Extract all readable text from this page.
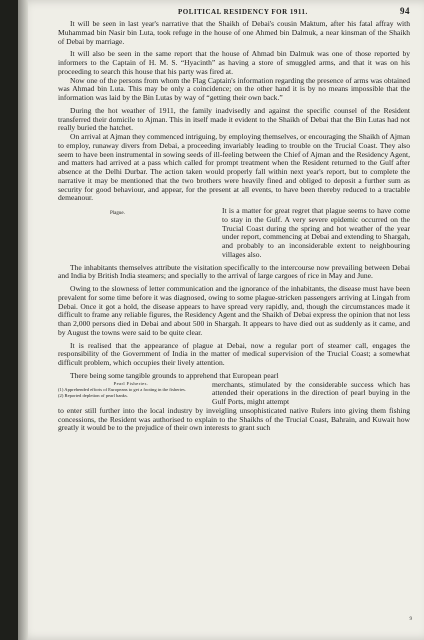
POLITICAL RESIDENCY FOR 1911.	94

It will be seen in last year's narrative that the Shaikh of Debai's cousin Maktum, after his fatal affray with Muhammad bin Nasir bin Luta, took refuge in the house of one Ahmed bin Dalmuk, a near kinsman of the Shaikh of Debai by marriage.

It will also be seen in the same report that the house of Ahmad bin Dalmuk was one of those reported by informers to the Captain of H. M. S. “Hyacinth” as having a store of smuggled arms, and that it was on his proceeding to search this house that his party was fired at.

Now one of the persons from whom the Flag Captain's information regarding the presence of arms was obtained was Ahmad bin Luta. This may be only a coincidence; on the other hand it is by no means impossible that the information was laid by the Bin Lutas by way of “getting their own back.”

During the hot weather of 1911, the family inadvisedly and against the specific counsel of the Resident transferred their domicile to Ajman. This in itself made it evident to the Shaikh of Debai that the Bin Lutas had not really buried the hatchet.

On arrival at Ajman they commenced intriguing, by employing themselves, or encouraging the Shaikh of Ajman to employ, runaway divers from Debai, a proceeding invariably leading to trouble on the Trucial Coast. They also seem to have been instrumental in sowing seeds of ill-feeling between the Chief of Ajman and the Residency Agent, and matters had arrived at a pass which called for prompt treatment when the Resident returned to the Gulf after absence at the Delhi Durbar. The action taken would properly fall within next year's report, but to complete the narrative it may be mentioned that the two brothers were heavily fined and obliged to deposit a further sum as security for good behaviour, and appear, for the present at all events, to have been thereby reduced to a tractable demeanour.

Plague.	It is a matter for great regret that plague seems to have come to stay in the Gulf. A very severe epidemic occurred on the Trucial Coast during the spring and hot weather of the year under report, commencing at Debai and extending to Shargah, and probably to an inconsiderable extent to neighbouring villages also.

The inhabitants themselves attribute the visitation specifically to the intercourse now prevailing between Debai and India by British India steamers; and specially to the arrival of large cargoes of rice in May and June.

Owing to the slowness of letter communication and the ignorance of the inhabitants, the disease must have been prevalent for some time before it was diagnosed, owing to some plague-stricken passengers arriving at Lingah from Debai. Once it got a hold, the disease appears to have spread very rapidly, and, though the circumstances made it difficult to frame any reliable figures, the Residency Agent and the Shaikh of Debai express the opinion that not less than 2,000 persons died in Debai and about 500 in Shargah. It appears to have died out as suddenly as it came, and by August the towns were said to be quite clear.

It is realised that the appearance of plague at Debai, now a regular port of steamer call, engages the responsibility of the Government of India in the matter of medical supervision of the Trucial Coast; a somewhat difficult problem, which occupies their lively attention.

There being some tangible grounds to apprehend that European pearl

Pearl Fisheries.
(1) Apprehended efforts of Europeans to get a footing in the fisheries.
(2) Reported depletion of pearl banks.

merchants, stimulated by the considerable success which has attended their operations in the direction of pearl buying in the Gulf Ports, might attempt

to enter still further into the local industry by inveigling unsophisticated native Rulers into giving them fishing concessions, the Resident was authorised to explain to the Shaikhs of the Trucial Coast, Bahrain, and Kuwait how greatly it would be to the prejudice of their own interests to grant such

9
